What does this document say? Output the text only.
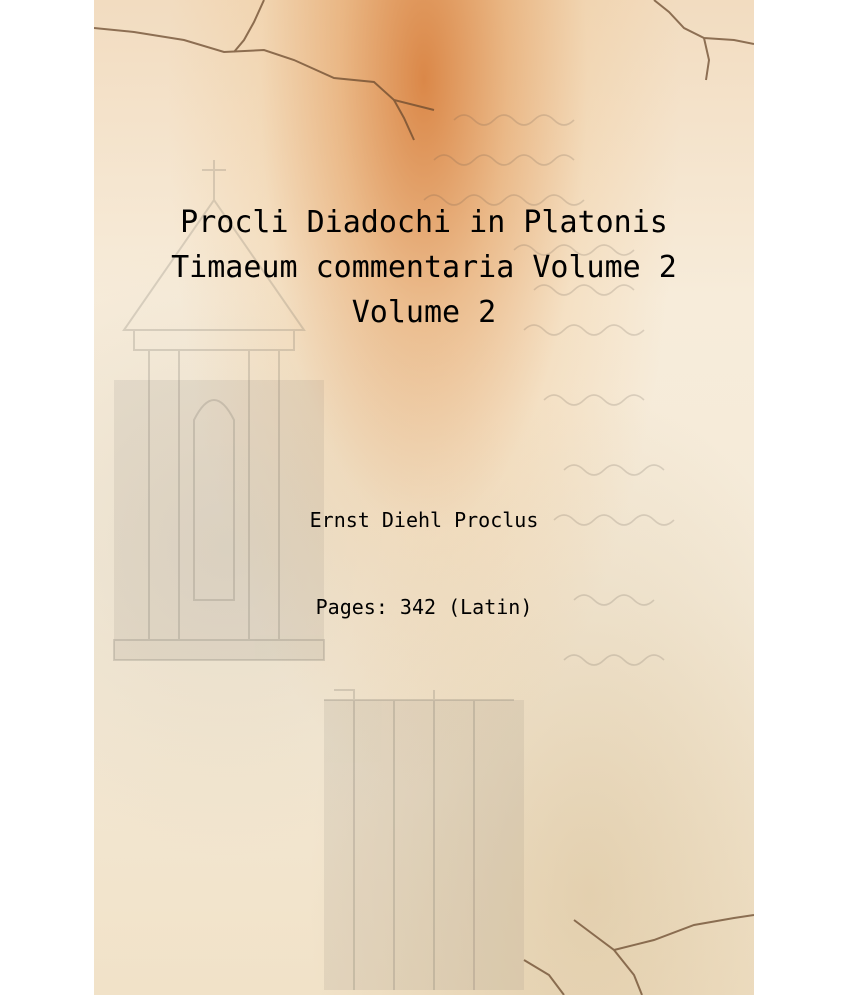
Procli Diadochi in Platonis Timaeum commentaria Volume 2 Volume 2
Ernst Diehl Proclus
Pages: 342 (Latin)
